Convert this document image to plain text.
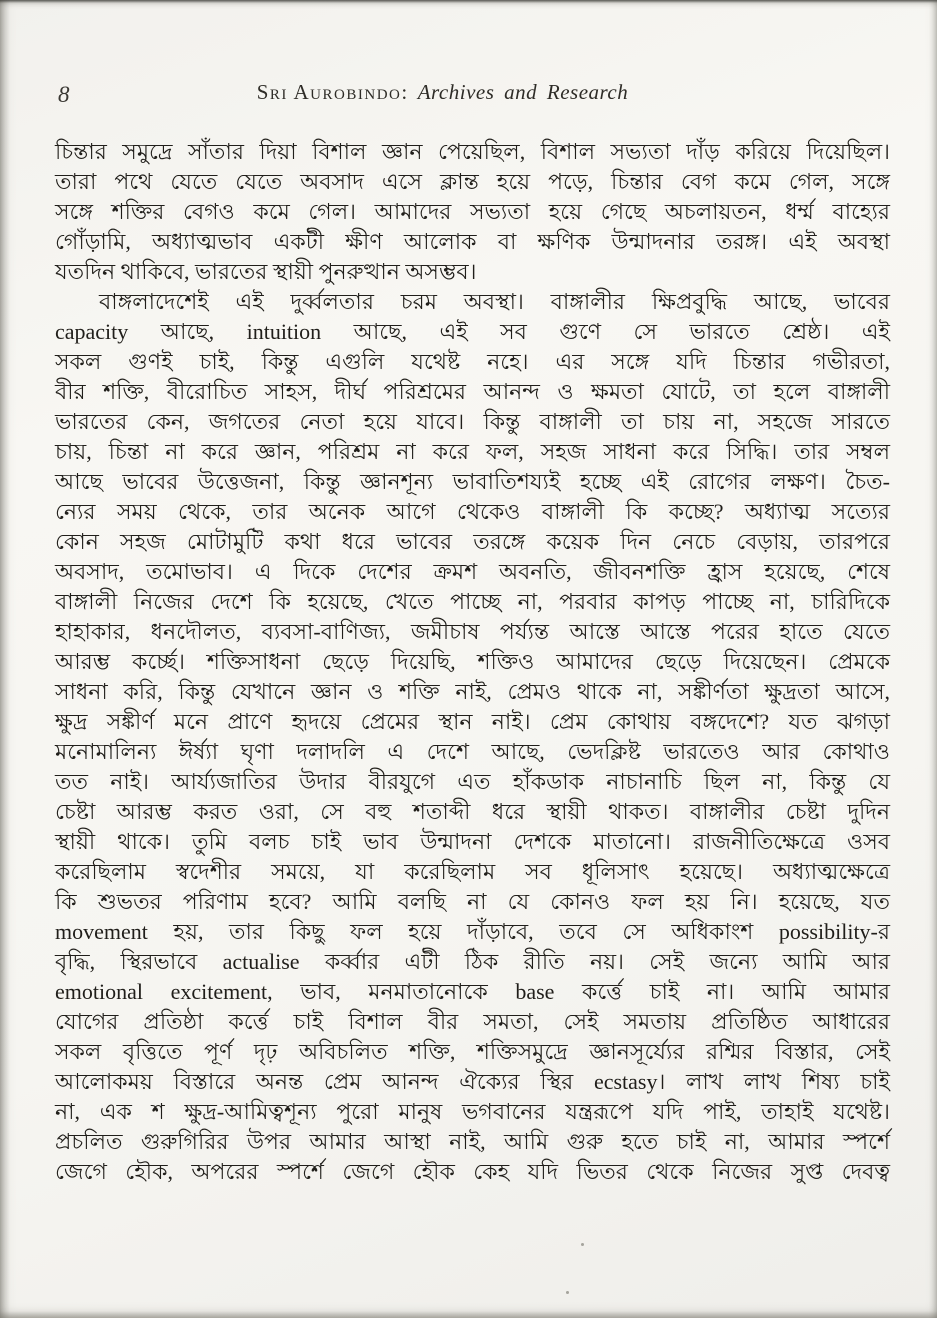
8	Sri Aurobindo: Archives and Research
চিন্তার সমুদ্রে সাঁতার দিয়া বিশাল জ্ঞান পেয়েছিল, বিশাল সভ্যতা দাঁড় করিয়ে দিয়েছিল।
তারা পথে যেতে যেতে অবসাদ এসে ক্লান্ত হয়ে পড়ে, চিন্তার বেগ কমে গেল, সঙ্গে
সঙ্গে শক্তির বেগও কমে গেল। আমাদের সভ্যতা হয়ে গেছে অচলায়তন, ধর্ম্ম বাহ্যের
গোঁড়ামি, অধ্যাত্মভাব একটী ক্ষীণ আলোক বা ক্ষণিক উন্মাদনার তরঙ্গ। এই অবস্থা
যতদিন থাকিবে, ভারতের স্থায়ী পুনরুত্থান অসম্ভব।
বাঙ্গলাদেশেই এই দুর্ব্বলতার চরম অবস্থা। বাঙ্গালীর ক্ষিপ্রবুদ্ধি আছে, ভাবের
capacity আছে, intuition আছে, এই সব গুণে সে ভারতে শ্রেষ্ঠ। এই
সকল গুণই চাই, কিন্তু এগুলি যথেষ্ট নহে। এর সঙ্গে যদি চিন্তার গভীরতা,
বীর শক্তি, বীরোচিত সাহস, দীর্ঘ পরিশ্রমের আনন্দ ও ক্ষমতা যোটে, তা হলে বাঙ্গালী
ভারতের কেন, জগতের নেতা হয়ে যাবে। কিন্তু বাঙ্গালী তা চায় না, সহজে সারতে
চায়, চিন্তা না করে জ্ঞান, পরিশ্রম না করে ফল, সহজ সাধনা করে সিদ্ধি। তার সম্বল
আছে ভাবের উত্তেজনা, কিন্তু জ্ঞানশূন্য ভাবাতিশয্যই হচ্ছে এই রোগের লক্ষণ। চৈত-
ন্যের সময় থেকে, তার অনেক আগে থেকেও বাঙ্গালী কি কচ্ছে? অধ্যাত্ম সত্যের
কোন সহজ মোটামুটি কথা ধরে ভাবের তরঙ্গে কয়েক দিন নেচে বেড়ায়, তারপরে
অবসাদ, তমোভাব। এ দিকে দেশের ক্রমশ অবনতি, জীবনশক্তি হ্রাস হয়েছে, শেষে
বাঙ্গালী নিজের দেশে কি হয়েছে, খেতে পাচ্ছে না, পরবার কাপড় পাচ্ছে না, চারিদিকে
হাহাকার, ধনদৌলত, ব্যবসা-বাণিজ্য, জমীচাষ পর্য্যন্ত আস্তে আস্তে পরের হাতে যেতে
আরম্ভ কর্চ্ছে। শক্তিসাধনা ছেড়ে দিয়েছি, শক্তিও আমাদের ছেড়ে দিয়েছেন। প্রেমকে
সাধনা করি, কিন্তু যেখানে জ্ঞান ও শক্তি নাই, প্রেমও থাকে না, সঙ্কীর্ণতা ক্ষুদ্রতা আসে,
ক্ষুদ্র সঙ্কীর্ণ মনে প্রাণে হৃদয়ে প্রেমের স্থান নাই। প্রেম কোথায় বঙ্গদেশে? যত ঝগড়া
মনোমালিন্য ঈর্ষ্যা ঘৃণা দলাদলি এ দেশে আছে, ভেদক্লিষ্ট ভারতেও আর কোথাও
তত নাই। আর্য্যজাতির উদার বীরযুগে এত হাঁকডাক নাচানাচি ছিল না, কিন্তু যে
চেষ্টা আরম্ভ করত ওরা, সে বহু শতাব্দী ধরে স্থায়ী থাকত। বাঙ্গালীর চেষ্টা দুদিন
স্থায়ী থাকে। তুমি বলচ চাই ভাব উন্মাদনা দেশকে মাতানো। রাজনীতিক্ষেত্রে ওসব
করেছিলাম স্বদেশীর সময়ে, যা করেছিলাম সব ধূলিসাৎ হয়েছে। অধ্যাত্মক্ষেত্রে
কি শুভতর পরিণাম হবে? আমি বলছি না যে কোনও ফল হয় নি। হয়েছে, যত
movement হয়, তার কিছু ফল হয়ে দাঁড়াবে, তবে সে অধিকাংশ possibility-র
বৃদ্ধি, স্থিরভাবে actualise কর্ব্বার এটী ঠিক রীতি নয়। সেই জন্যে আমি আর
emotional excitement, ভাব, মনমাতানোকে base কর্ত্তে চাই না। আমি আমার
যোগের প্রতিষ্ঠা কর্ত্তে চাই বিশাল বীর সমতা, সেই সমতায় প্রতিষ্ঠিত আধারের
সকল বৃত্তিতে পূর্ণ দৃঢ় অবিচলিত শক্তি, শক্তিসমুদ্রে জ্ঞানসূর্য্যের রশ্মির বিস্তার, সেই
আলোকময় বিস্তারে অনন্ত প্রেম আনন্দ ঐক্যের স্থির ecstasy। লাখ লাখ শিষ্য চাই
না, এক শ ক্ষুদ্র-আমিত্বশূন্য পুরো মানুষ ভগবানের যন্ত্ররূপে যদি পাই, তাহাই যথেষ্ট।
প্রচলিত গুরুগিরির উপর আমার আস্থা নাই, আমি গুরু হতে চাই না, আমার স্পর্শে
জেগে হৌক, অপরের স্পর্শে জেগে হৌক কেহ যদি ভিতর থেকে নিজের সুপ্ত দেবত্ব
